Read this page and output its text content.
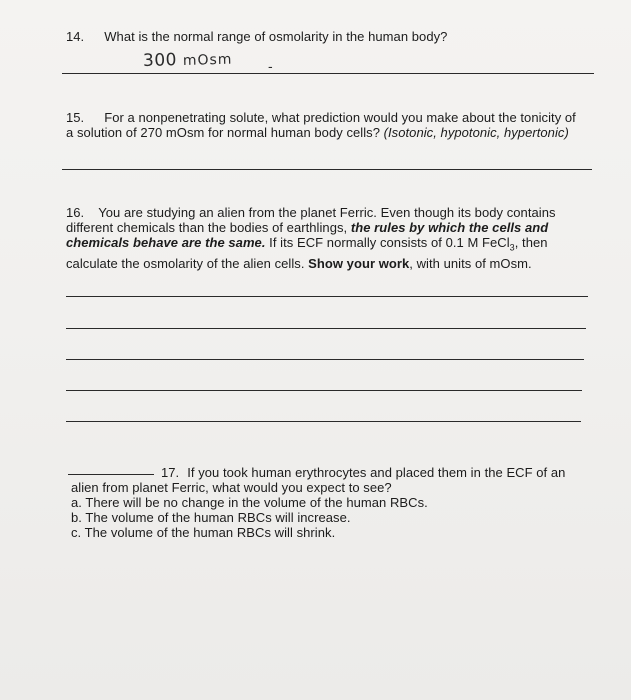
14. What is the normal range of osmolarity in the human body?
300 mOsm	-
15. For a nonpenetrating solute, what prediction would you make about the tonicity of
a solution of 270 mOsm for normal human body cells? (Isotonic, hypotonic, hypertonic)
16. You are studying an alien from the planet Ferric. Even though its body contains
different chemicals than the bodies of earthlings, the rules by which the cells and
chemicals behave are the same. If its ECF normally consists of 0.1 M FeCl$_3$, then
calculate the osmolarity of the alien cells. Show your work, with units of mOsm.
17. If you took human erythrocytes and placed them in the ECF of an
alien from planet Ferric, what would you expect to see?
a. There will be no change in the volume of the human RBCs.
b. The volume of the human RBCs will increase.
c. The volume of the human RBCs will shrink.
